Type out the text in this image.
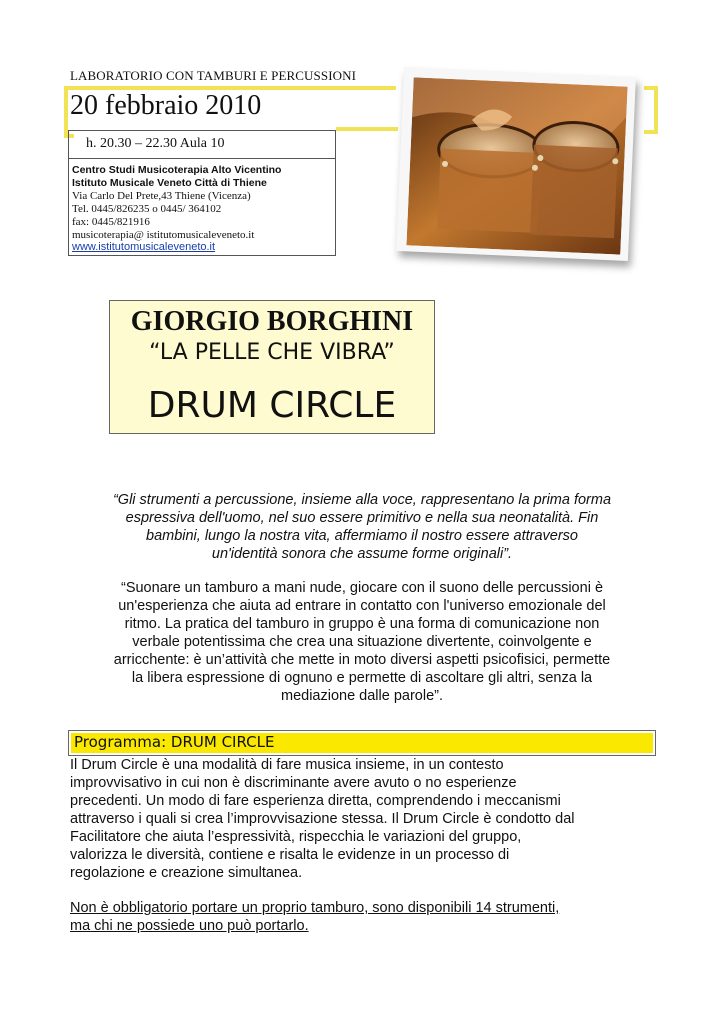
LABORATORIO CON TAMBURI E PERCUSSIONI
20 febbraio 2010
h. 20.30 – 22.30 Aula 10
Centro Studi Musicoterapia Alto Vicentino
Istituto Musicale Veneto Città di Thiene
Via Carlo Del Prete,43 Thiene (Vicenza)
Tel. 0445/826235 o 0445/ 364102
fax: 0445/821916
musicoterapia@ istitutomusicaleveneto.it
www.istitutomusicaleveneto.it
GIORGIO BORGHINI
“LA PELLE CHE VIBRA”
DRUM CIRCLE
“Gli strumenti a percussione, insieme alla voce, rappresentano la prima forma
espressiva dell'uomo, nel suo essere primitivo e nella sua neonatalità. Fin
bambini, lungo la nostra vita, affermiamo il nostro essere attraverso
un'identità sonora che assume forme originali”.
“Suonare un tamburo a mani nude, giocare con il suono delle percussioni è
un'esperienza che aiuta ad entrare in contatto con l'universo emozionale del
ritmo. La pratica del tamburo in gruppo è una forma di comunicazione non
verbale potentissima che crea una situazione divertente, coinvolgente e
arricchente: è un’attività che mette in moto diversi aspetti psicofisici, permette
la libera espressione di ognuno e permette di ascoltare gli altri, senza la
mediazione dalle parole”.
Programma: DRUM CIRCLE
Il Drum Circle è una modalità di fare musica insieme, in un contesto
improvvisativo in cui non è discriminante avere avuto o no esperienze
precedenti. Un modo di fare esperienza diretta, comprendendo i meccanismi
attraverso i quali si crea l’improvvisazione stessa. Il Drum Circle è condotto dal
Facilitatore che aiuta l’espressività, rispecchia le variazioni del gruppo,
valorizza le diversità, contiene e risalta le evidenze in un processo di
regolazione e creazione simultanea.
Non è obbligatorio portare un proprio tamburo, sono disponibili 14 strumenti,
ma chi ne possiede uno può portarlo.
